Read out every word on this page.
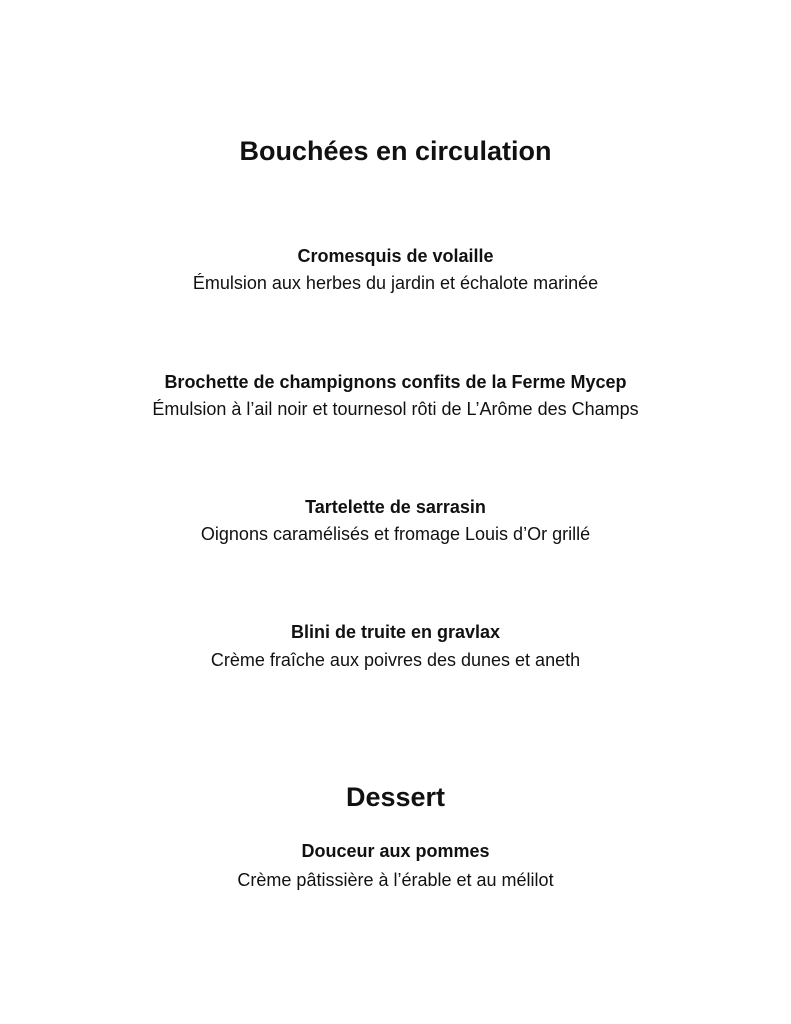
Bouchées en circulation
Cromesquis de volaille
Émulsion aux herbes du jardin et échalote marinée
Brochette de champignons confits de la Ferme Mycep
Émulsion à l’ail noir et tournesol rôti de L’Arôme des Champs
Tartelette de sarrasin
Oignons caramélisés et fromage Louis d’Or grillé
Blini de truite en gravlax
Crème fraîche aux poivres des dunes et aneth
Dessert
Douceur aux pommes
Crème pâtissière à l’érable et au mélilot
